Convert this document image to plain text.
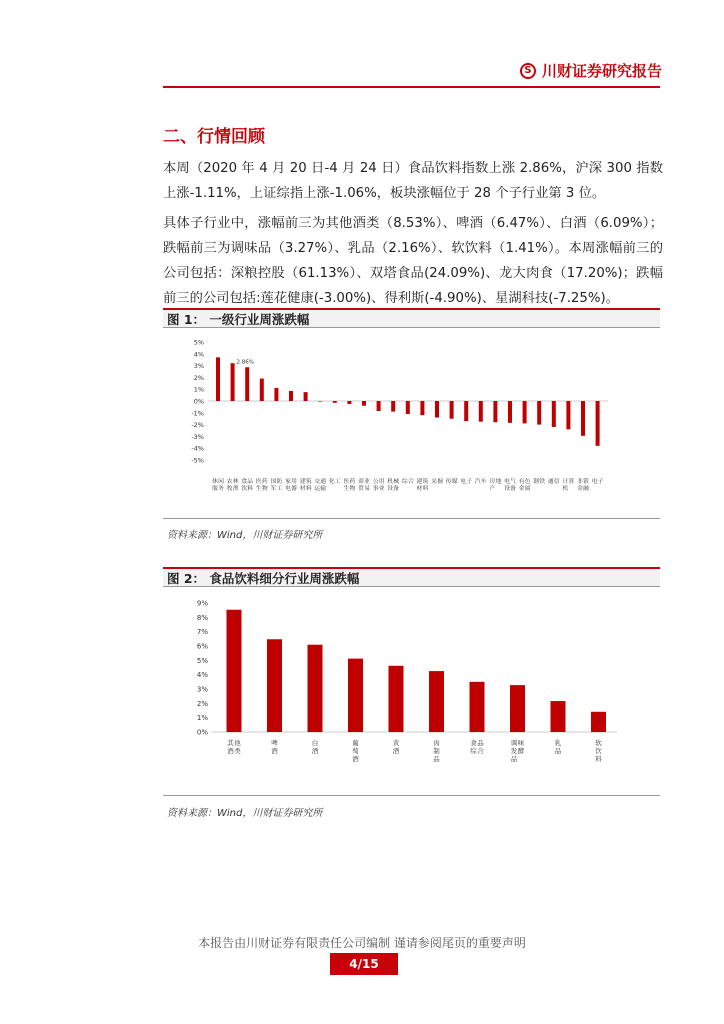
S 川财证券研究报告
二、行情回顾

本周（2020 年 4 月 20 日-4 月 24 日）食品饮料指数上涨 2.86%，沪深 300 指数上涨-1.11%，上证综指上涨-1.06%，板块涨幅位于 28 个子行业第 3 位。

具体子行业中，涨幅前三为其他酒类（8.53%）、啤酒（6.47%）、白酒（6.09%）；跌幅前三为调味品（3.27%）、乳品（2.16%）、软饮料（1.41%）。本周涨幅前三的公司包括：深粮控股（61.13%）、双塔食品(24.09%)、龙大肉食（17.20%)；跌幅前三的公司包括:莲花健康(-3.00%)、得利斯(-4.90%)、星湖科技(-7.25%)。

图 1： 一级行业周涨跌幅
5%
4%
3%
2%
1%
0%
-1%
-2%
-3%
-4%
-5%
休闲服务
农林牧渔
食品饮料
医药生物
国防军工
家用电器
建筑材料
交通运输
化工 医药生物
商业贸易
公用事业
机械设备
综合 建筑材料
采掘 传媒 电子 汽车 房地产
电气设备
有色金属
钢铁 通信 计算机
非银金融
电子
2.86%
资料来源：Wind，川财证券研究所
图 2： 食品饮料细分行业周涨跌幅
9%
8%
7%
6%
5%
4%
3%
2%
1%
0%
其他酒类
啤酒
白酒
葡萄酒
黄酒
肉制品
食品综合
调味发酵品
乳品
软饮料
资料来源：Wind，川财证券研究所
本报告由川财证券有限责任公司编制 谨请参阅尾页的重要声明
4/15
